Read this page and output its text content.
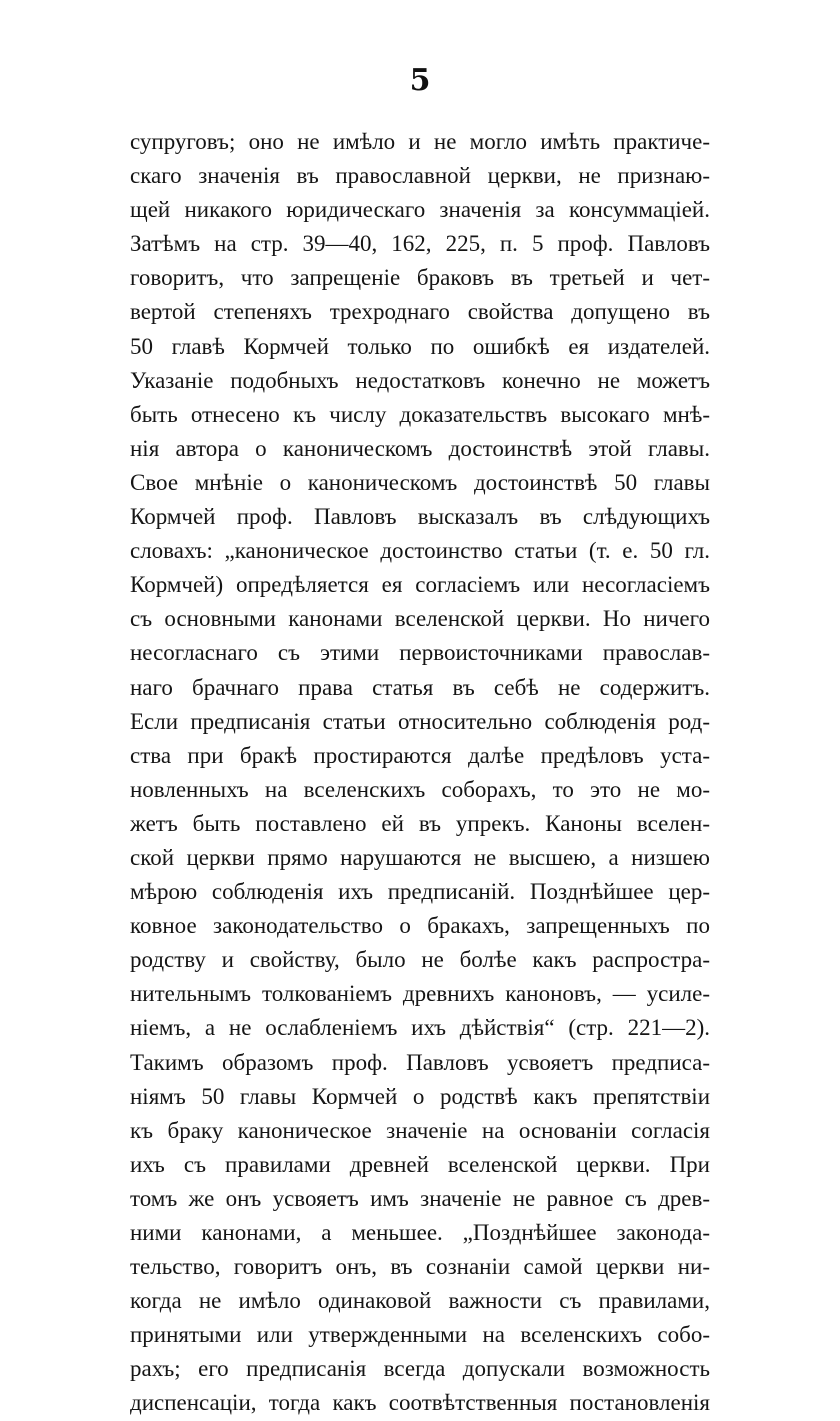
5
супруговъ; оно не имѣло и не могло имѣть практиче-
скаго значенія въ православной церкви, не признаю-
щей никакого юридическаго значенія за консуммаціей.
Затѣмъ на стр. 39—40, 162, 225, п. 5 проф. Павловъ
говоритъ, что запрещеніе браковъ въ третьей и чет-
вертой степеняхъ трехроднаго свойства допущено въ
50 главѣ Кормчей только по ошибкѣ ея издателей.
Указаніе подобныхъ недостатковъ конечно не можетъ
быть отнесено къ числу доказательствъ высокаго мнѣ-
нія автора о каноническомъ достоинствѣ этой главы.
Свое мнѣніе о каноническомъ достоинствѣ 50 главы
Кормчей проф. Павловъ высказалъ въ слѣдующихъ
словахъ: „каноническое достоинство статьи (т. е. 50 гл.
Кормчей) опредѣляется ея согласіемъ или несогласіемъ
съ основными канонами вселенской церкви. Но ничего
несогласнаго съ этими первоисточниками православ-
наго брачнаго права статья въ себѣ не содержитъ.
Если предписанія статьи относительно соблюденія род-
ства при бракѣ простираются далѣе предѣловъ уста-
новленныхъ на вселенскихъ соборахъ, то это не мо-
жетъ быть поставлено ей въ упрекъ. Каноны вселен-
ской церкви прямо нарушаются не высшею, а низшею
мѣрою соблюденія ихъ предписаній. Позднѣйшее цер-
ковное законодательство о бракахъ, запрещенныхъ по
родству и свойству, было не болѣе какъ распростра-
нительнымъ толкованіемъ древнихъ каноновъ, — усиле-
ніемъ, а не ослабленіемъ ихъ дѣйствія“ (стр. 221—2).
Такимъ образомъ проф. Павловъ усвояетъ предписа-
ніямъ 50 главы Кормчей о родствѣ какъ препятствіи
къ браку каноническое значеніе на основаніи согласія
ихъ съ правилами древней вселенской церкви. При
томъ же онъ усвояетъ имъ значеніе не равное съ древ-
ними канонами, а меньшее. „Позднѣйшее законода-
тельство, говоритъ онъ, въ сознаніи самой церкви ни-
когда не имѣло одинаковой важности съ правилами,
принятыми или утвержденными на вселенскихъ собо-
рахъ; его предписанія всегда допускали возможность
диспенсаціи, тогда какъ соотвѣтственныя постановленія
